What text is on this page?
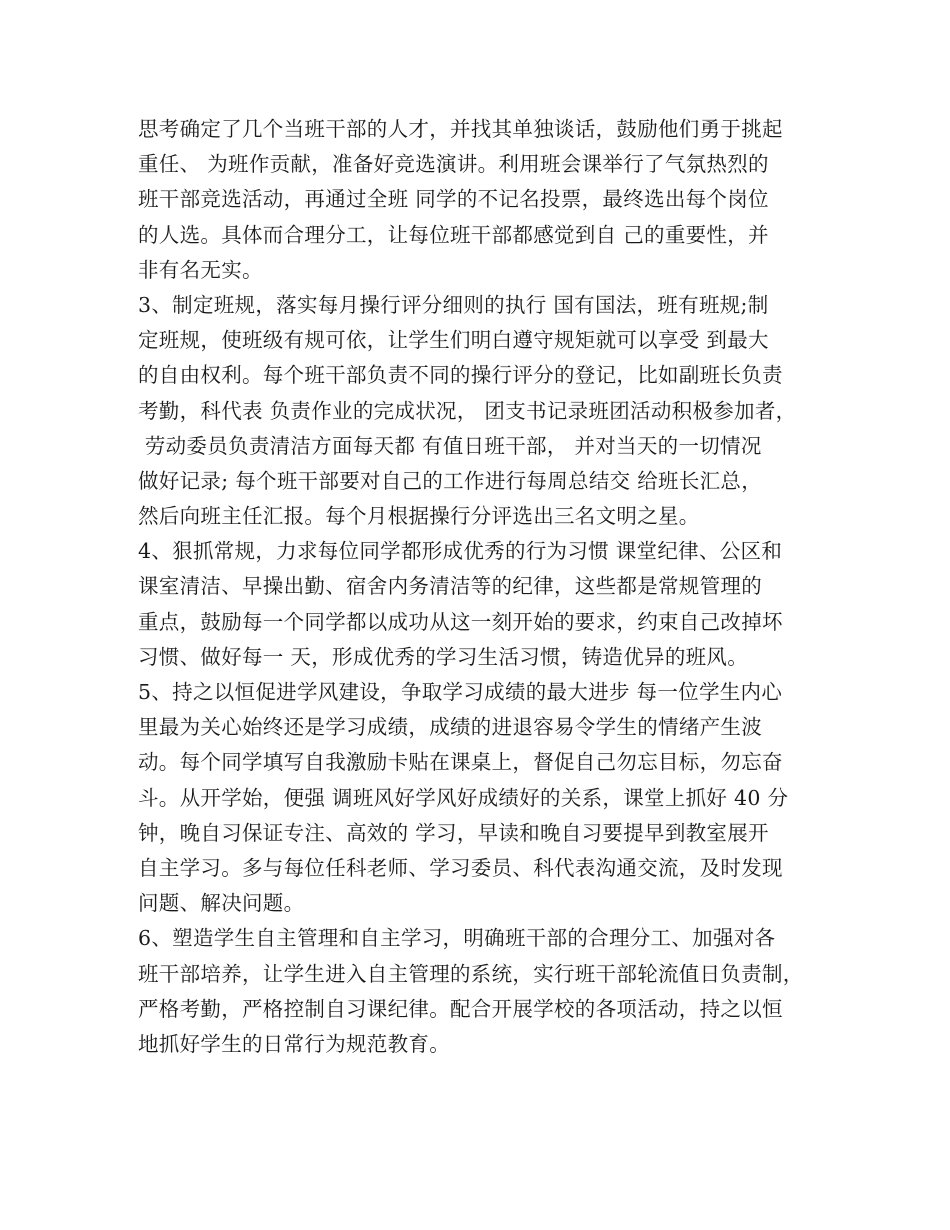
思考确定了几个当班干部的人才，并找其单独谈话，鼓励他们勇于挑起
重任、 为班作贡献，准备好竞选演讲。利用班会课举行了气氛热烈的
班干部竞选活动，再通过全班 同学的不记名投票，最终选出每个岗位
的人选。具体而合理分工，让每位班干部都感觉到自 己的重要性，并
非有名无实。
3、制定班规，落实每月操行评分细则的执行 国有国法，班有班规;制
定班规，使班级有规可依，让学生们明白遵守规矩就可以享受 到最大
的自由权利。每个班干部负责不同的操行评分的登记，比如副班长负责
考勤，科代表 负责作业的完成状况， 团支书记录班团活动积极参加者，
劳动委员负责清洁方面每天都 有值日班干部， 并对当天的一切情况
做好记录; 每个班干部要对自己的工作进行每周总结交 给班长汇总，
然后向班主任汇报。每个月根据操行分评选出三名文明之星。
4、狠抓常规，力求每位同学都形成优秀的行为习惯 课堂纪律、公区和
课室清洁、早操出勤、宿舍内务清洁等的纪律，这些都是常规管理的
重点，鼓励每一个同学都以成功从这一刻开始的要求，约束自己改掉坏
习惯、做好每一 天，形成优秀的学习生活习惯，铸造优异的班风。
5、持之以恒促进学风建设，争取学习成绩的最大进步 每一位学生内心
里最为关心始终还是学习成绩，成绩的进退容易令学生的情绪产生波
动。每个同学填写自我激励卡贴在课桌上，督促自己勿忘目标，勿忘奋
斗。从开学始，便强 调班风好学风好成绩好的关系，课堂上抓好 40 分
钟，晚自习保证专注、高效的 学习，早读和晚自习要提早到教室展开
自主学习。多与每位任科老师、学习委员、科代表沟通交流，及时发现
问题、解决问题。
6、塑造学生自主管理和自主学习，明确班干部的合理分工、加强对各
班干部培养，让学生进入自主管理的系统，实行班干部轮流值日负责制，
严格考勤，严格控制自习课纪律。配合开展学校的各项活动，持之以恒
地抓好学生的日常行为规范教育。
